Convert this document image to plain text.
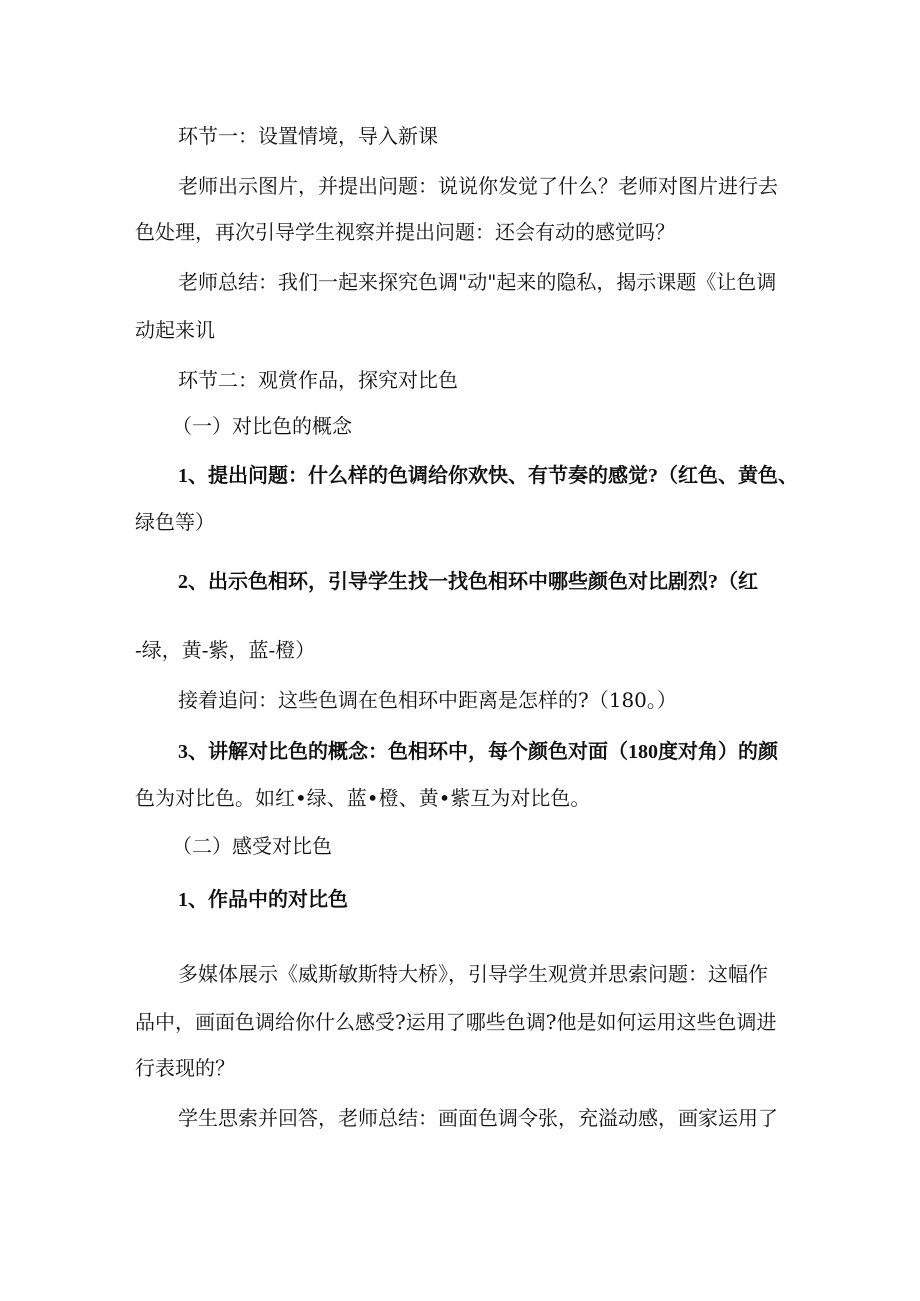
环节一：设置情境，导入新课
老师出示图片，并提出问题：说说你发觉了什么？老师对图片进行去
色处理，再次引导学生视察并提出问题：还会有动的感觉吗？
老师总结：我们一起来探究色调"动"起来的隐私，揭示课题《让色调
动起来讥
环节二：观赏作品，探究对比色
（一）对比色的概念
1、提出问题：什么样的色调给你欢快、有节奏的感觉?（红色、黄色、
绿色等）
2、出示色相环，引导学生找一找色相环中哪些颜色对比剧烈?（红
-绿，黄-紫，蓝-橙）
接着追问：这些色调在色相环中距离是怎样的?（180。）
3、讲解对比色的概念：色相环中，每个颜色对面（180度对角）的颜
色为对比色。如红•绿、蓝•橙、黄•紫互为对比色。
（二）感受对比色
1、作品中的对比色
多媒体展示《威斯敏斯特大桥》，引导学生观赏并思索问题：这幅作
品中，画面色调给你什么感受?运用了哪些色调?他是如何运用这些色调进
行表现的？
学生思索并回答，老师总结：画面色调令张，充溢动感，画家运用了
